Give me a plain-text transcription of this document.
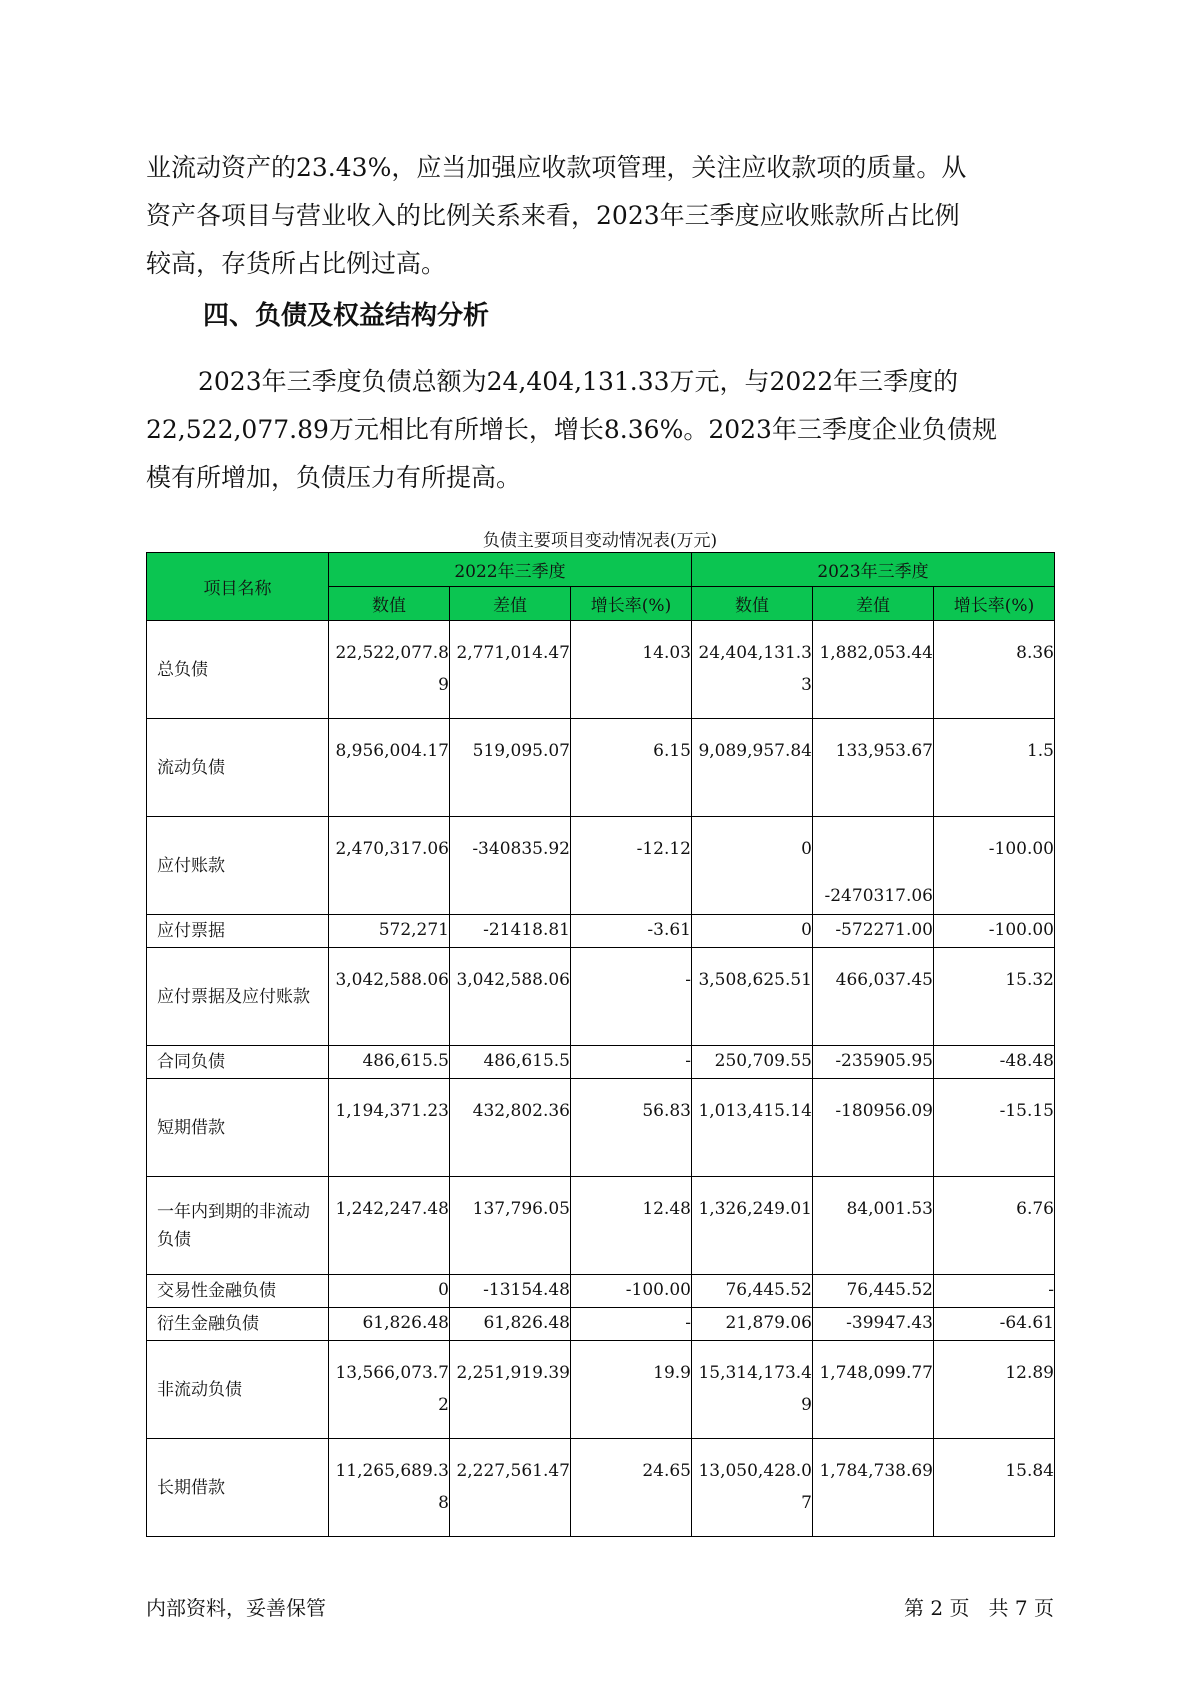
业流动资产的23.43%，应当加强应收款项管理，关注应收款项的质量。从
资产各项目与营业收入的比例关系来看，2023年三季度应收账款所占比例
较高，存货所占比例过高。
四、负债及权益结构分析
2023年三季度负债总额为24,404,131.33万元，与2022年三季度的
22,522,077.89万元相比有所增长，增长8.36%。2023年三季度企业负债规
模有所增加，负债压力有所提高。
负债主要项目变动情况表(万元)
项目名称	2022年三季度			2023年三季度		
	数值	差值	增长率(%)	数值	差值	增长率(%)
总负债	22,522,077.89	2,771,014.47	14.03	24,404,131.33	1,882,053.44	8.36
流动负债	8,956,004.17	519,095.07	6.15	9,089,957.84	133,953.67	1.5
应付账款	2,470,317.06	-340835.92	-12.12	0	-2470317.06	-100.00
应付票据	572,271	-21418.81	-3.61	0	-572271.00	-100.00
应付票据及应付账款	3,042,588.06	3,042,588.06	-	3,508,625.51	466,037.45	15.32
合同负债	486,615.5	486,615.5	-	250,709.55	-235905.95	-48.48
短期借款	1,194,371.23	432,802.36	56.83	1,013,415.14	-180956.09	-15.15
一年内到期的非流动负债	1,242,247.48	137,796.05	12.48	1,326,249.01	84,001.53	6.76
交易性金融负债	0	-13154.48	-100.00	76,445.52	76,445.52	-
衍生金融负债	61,826.48	61,826.48	-	21,879.06	-39947.43	-64.61
非流动负债	13,566,073.72	2,251,919.39	19.9	15,314,173.49	1,748,099.77	12.89
长期借款	11,265,689.38	2,227,561.47	24.65	13,050,428.07	1,784,738.69	15.84
内部资料，妥善保管	第 2 页   共 7 页
